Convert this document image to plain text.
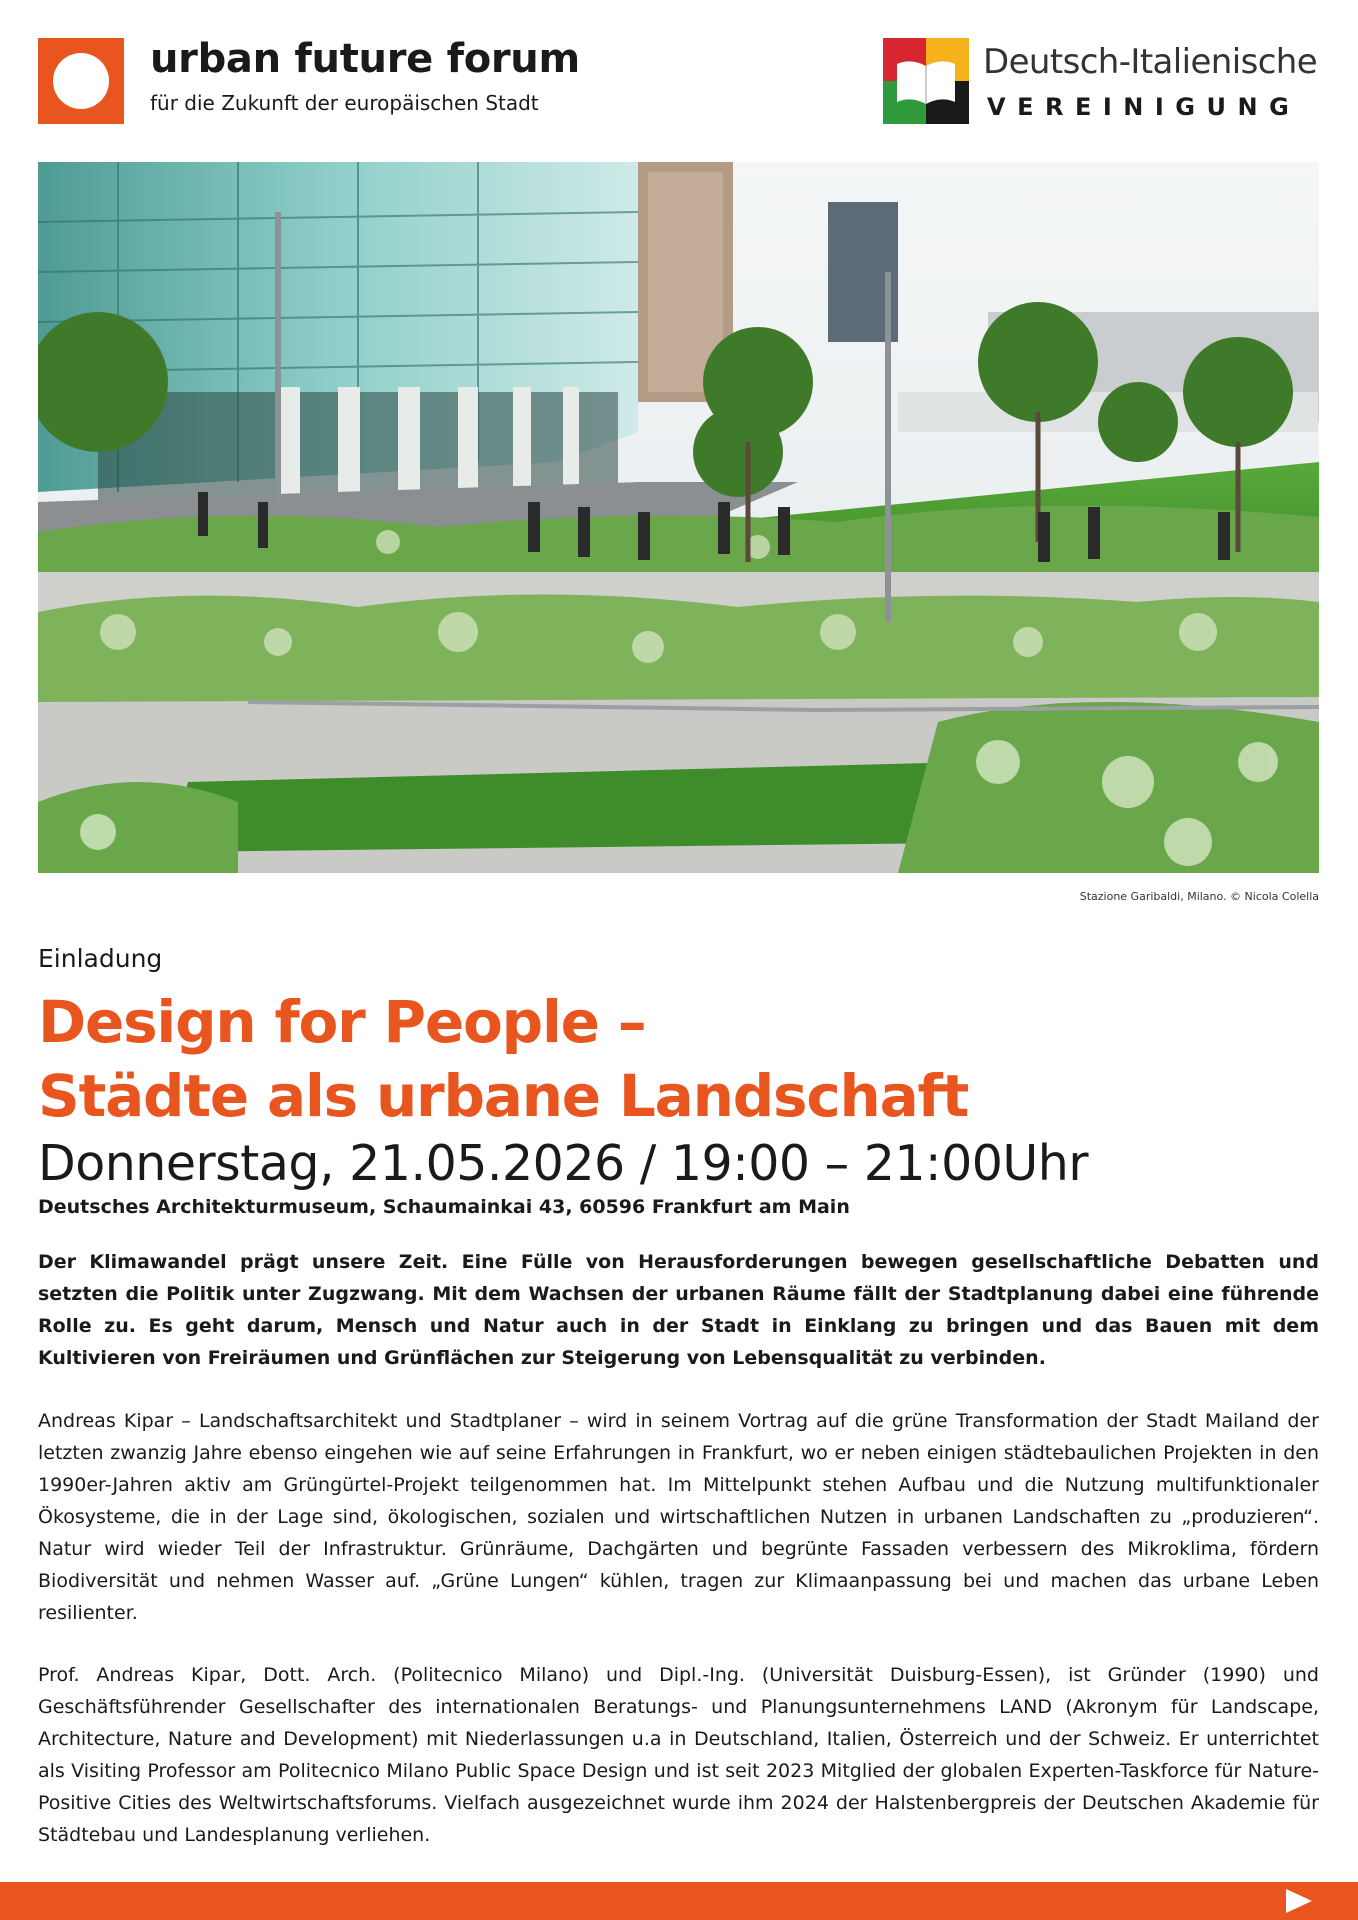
urban future forum
für die Zukunft der europäischen Stadt
Deutsch-Italienische
VEREINIGUNG
Stazione Garibaldi, Milano. © Nicola Colella
Einladung
Design for People –
Städte als urbane Landschaft
Donnerstag, 21.05.2026 / 19:00 – 21:00Uhr
Deutsches Architekturmuseum, Schaumainkai 43, 60596 Frankfurt am Main
Der Klimawandel prägt unsere Zeit. Eine Fülle von Herausforderungen bewegen gesellschaftliche Debatten und setzten die Politik unter Zugzwang. Mit dem Wachsen der urbanen Räume fällt der Stadtplanung dabei eine führende Rolle zu. Es geht darum, Mensch und Natur auch in der Stadt in Einklang zu bringen und das Bauen mit dem Kultivieren von Freiräumen und Grünflächen zur Steigerung von Lebensqualität zu verbinden.
Andreas Kipar – Landschaftsarchitekt und Stadtplaner – wird in seinem Vortrag auf die grüne Transformation der Stadt Mailand der letzten zwanzig Jahre ebenso eingehen wie auf seine Erfahrungen in Frankfurt, wo er neben einigen städtebaulichen Projekten in den 1990er-Jahren aktiv am Grüngürtel-Projekt teilgenommen hat. Im Mittelpunkt stehen Aufbau und die Nutzung multifunktionaler Ökosysteme, die in der Lage sind, ökologischen, sozialen und wirtschaftlichen Nutzen in urbanen Landschaften zu „produzieren“. Natur wird wieder Teil der Infrastruktur. Grünräume, Dachgärten und begrünte Fassaden verbessern des Mikroklima, fördern Biodiversität und nehmen Wasser auf. „Grüne Lungen“ kühlen, tragen zur Klimaanpassung bei und machen das urbane Leben resilienter.
Prof. Andreas Kipar, Dott. Arch. (Politecnico Milano) und Dipl.-Ing. (Universität Duisburg-Essen), ist Gründer (1990) und Geschäftsführender Gesellschafter des internationalen Beratungs- und Planungsunternehmens LAND (Akronym für Landscape, Architecture, Nature and Development) mit Niederlassungen u.a in Deutschland, Italien, Österreich und der Schweiz. Er unterrichtet als Visiting Professor am Politecnico Milano Public Space Design und ist seit 2023 Mitglied der globalen Experten-Taskforce für Nature-Positive Cities des Weltwirtschaftsforums. Vielfach ausgezeichnet wurde ihm 2024 der Halstenbergpreis der Deutschen Akademie für Städtebau und Landesplanung verliehen.
